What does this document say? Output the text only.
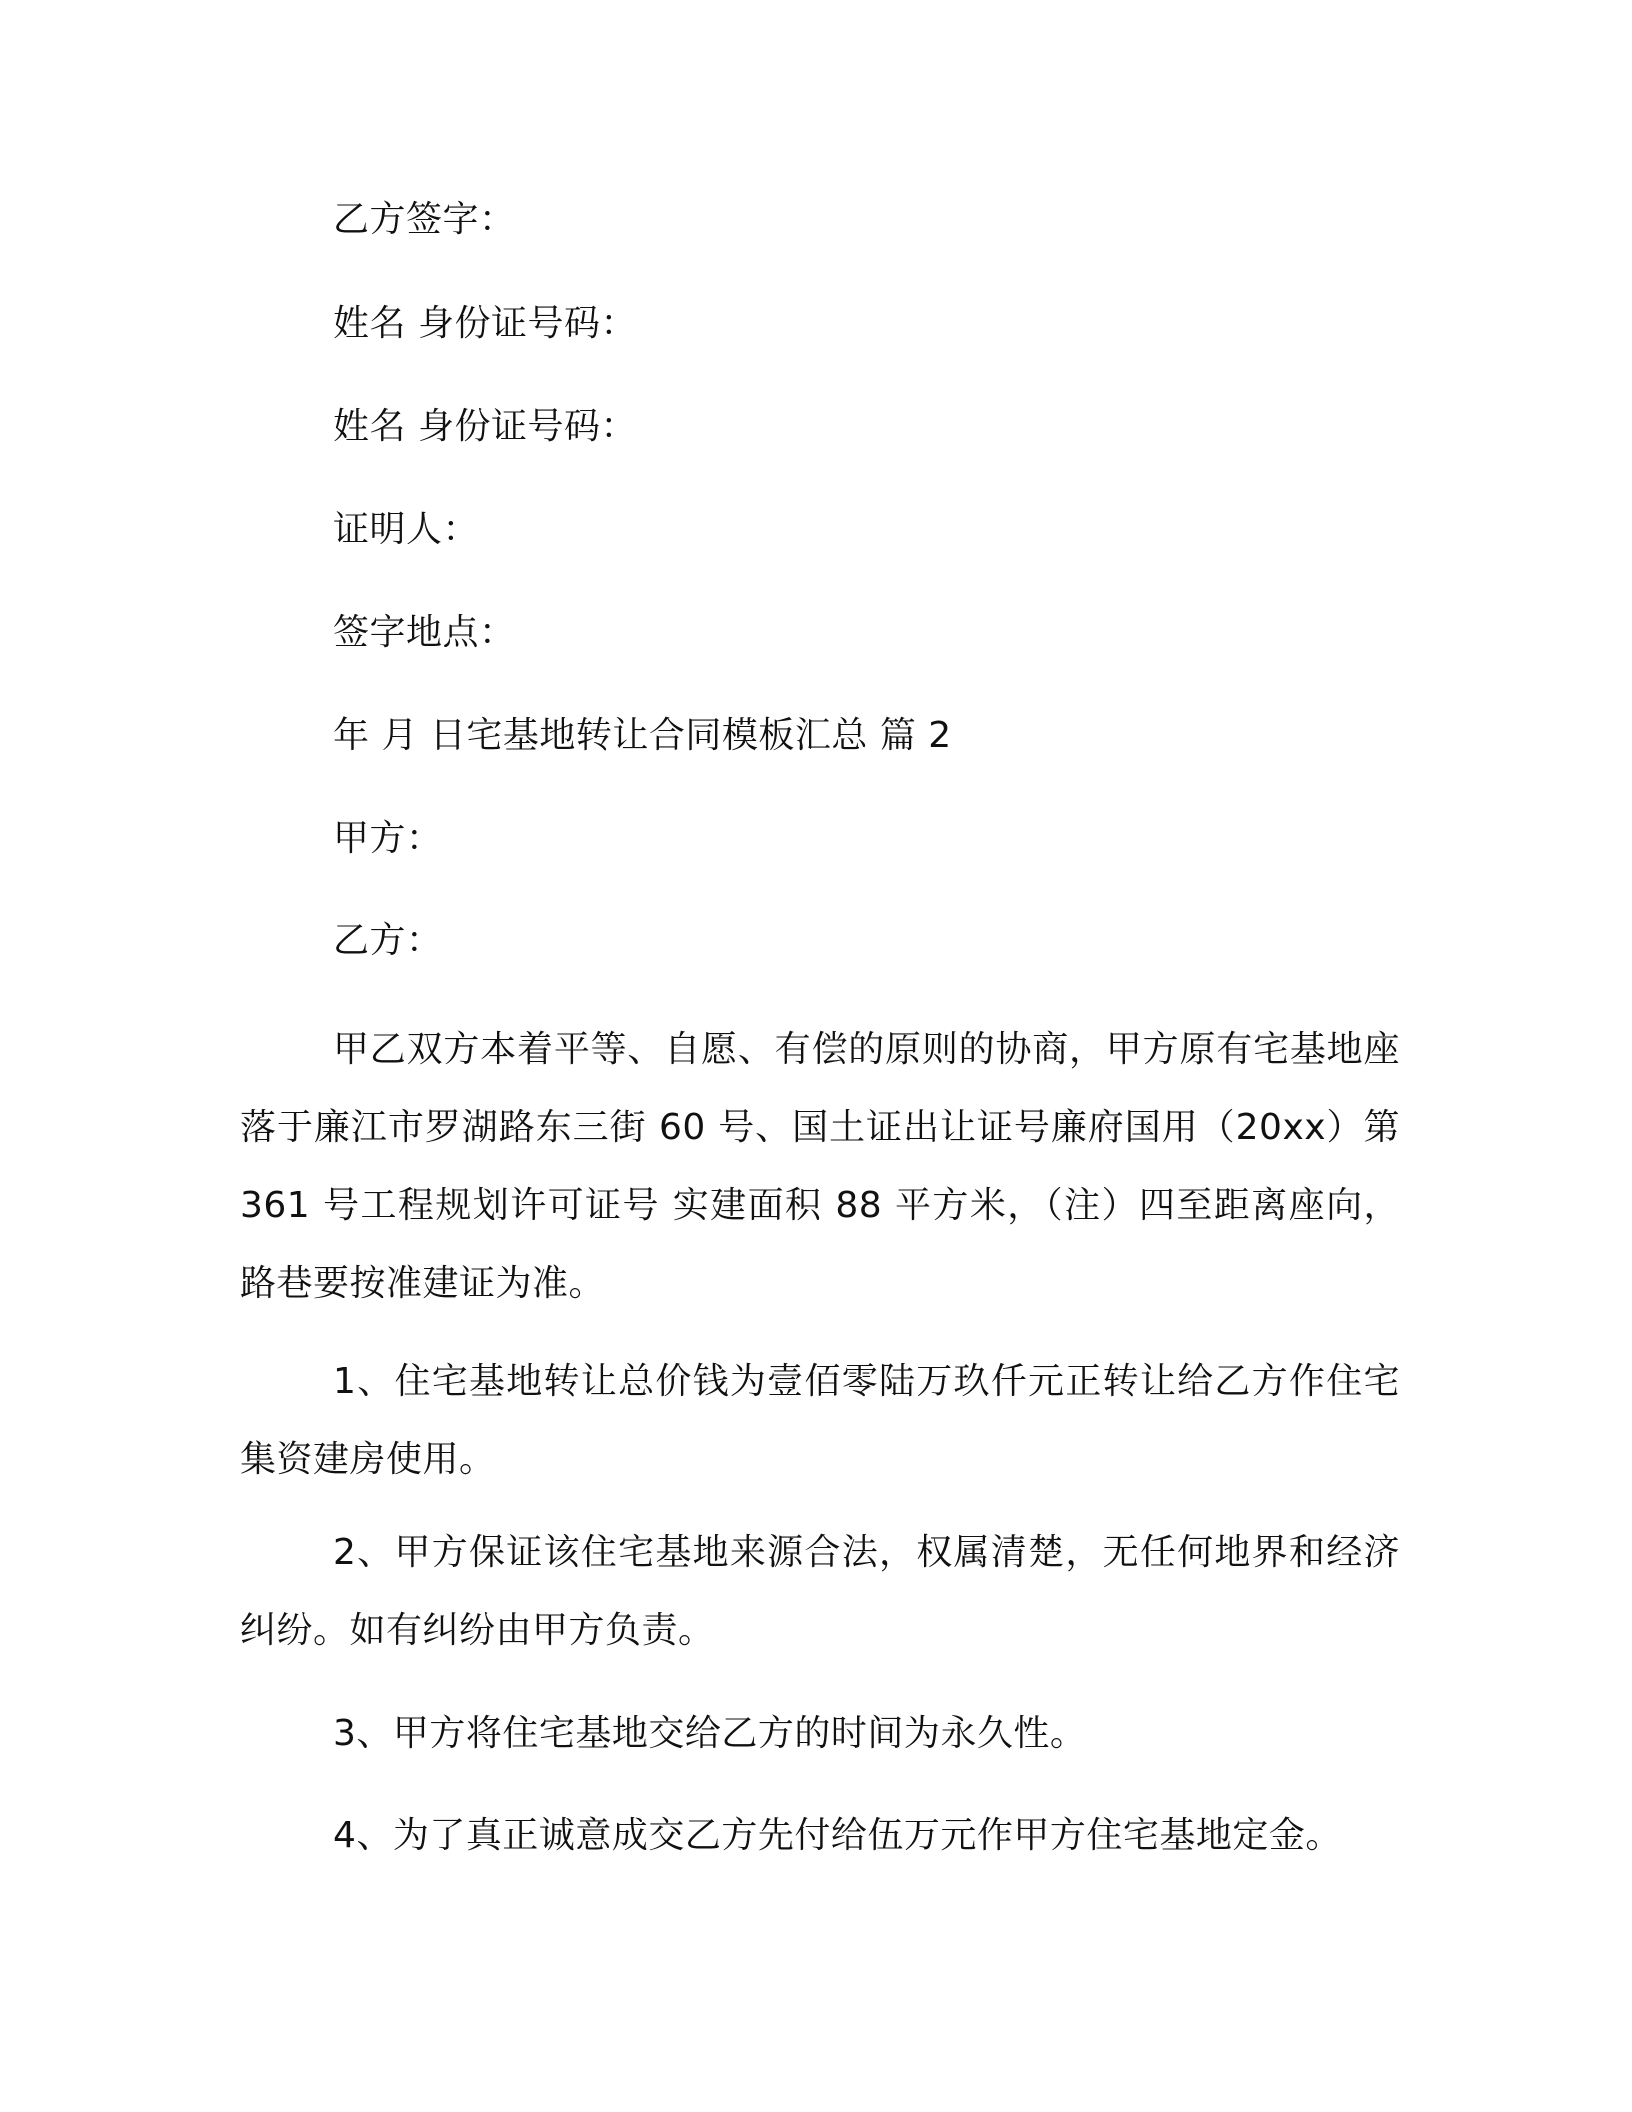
乙方签字：
姓名 身份证号码：
姓名 身份证号码：
证明人：
签字地点：
年 月 日宅基地转让合同模板汇总 篇 2
甲方：
乙方：

甲乙双方本着平等、自愿、有偿的原则的协商，甲方原有宅基地座落于廉江市罗湖路东三街 60 号、国土证出让证号廉府国用（20xx）第 361 号工程规划许可证号 实建面积 88 平方米，（注）四至距离座向，路巷要按准建证为准。

1、住宅基地转让总价钱为壹佰零陆万玖仟元正转让给乙方作住宅集资建房使用。

2、甲方保证该住宅基地来源合法，权属清楚，无任何地界和经济纠纷。如有纠纷由甲方负责。

3、甲方将住宅基地交给乙方的时间为永久性。

4、为了真正诚意成交乙方先付给伍万元作甲方住宅基地定金。
